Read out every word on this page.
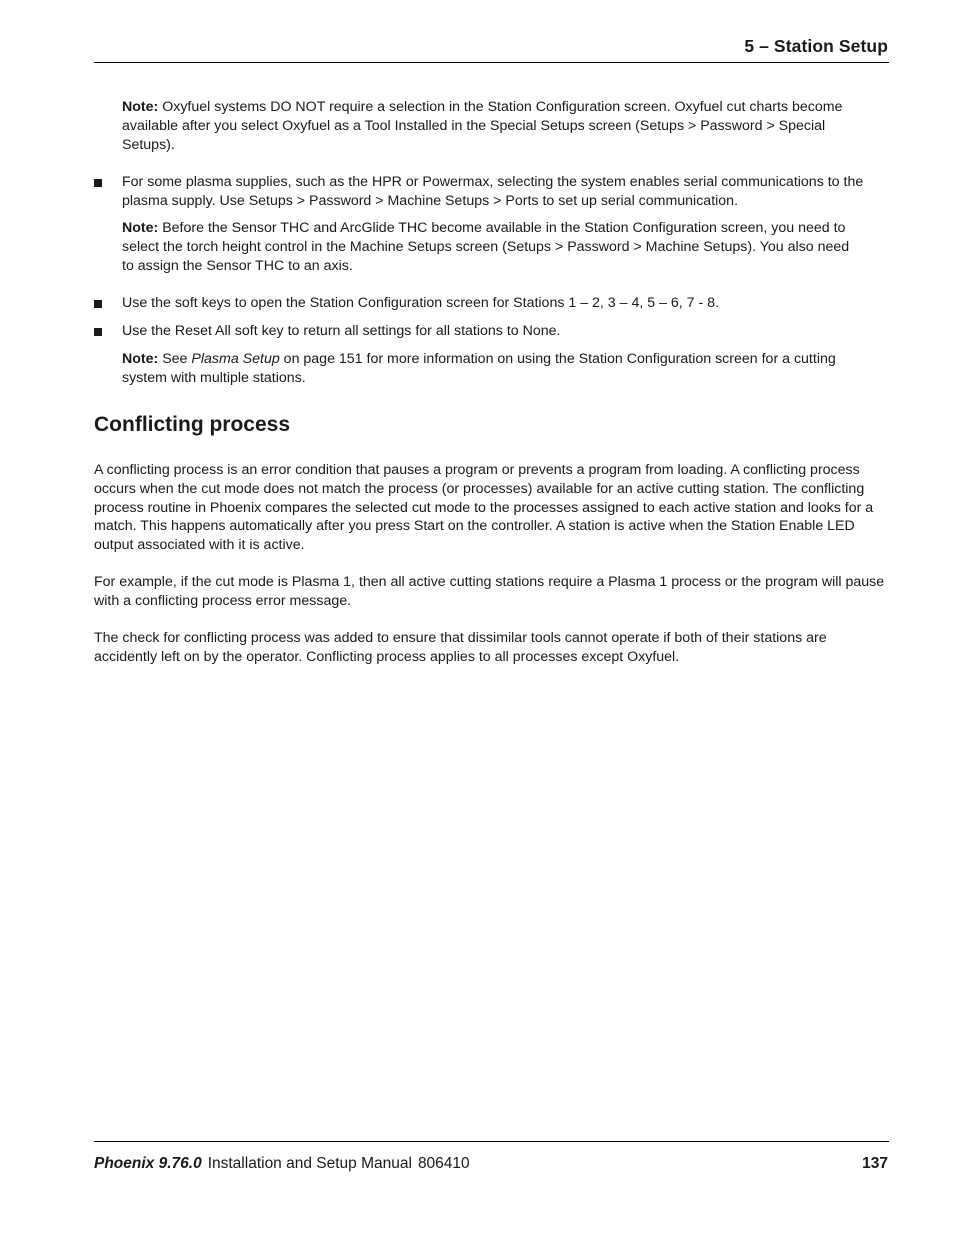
5 – Station Setup
Note: Oxyfuel systems DO NOT require a selection in the Station Configuration screen. Oxyfuel cut charts become available after you select Oxyfuel as a Tool Installed in the Special Setups screen (Setups > Password > Special Setups).
For some plasma supplies, such as the HPR or Powermax, selecting the system enables serial communications to the plasma supply. Use Setups > Password > Machine Setups > Ports to set up serial communication.
Note: Before the Sensor THC and ArcGlide THC become available in the Station Configuration screen, you need to select the torch height control in the Machine Setups screen (Setups > Password > Machine Setups). You also need to assign the Sensor THC to an axis.
Use the soft keys to open the Station Configuration screen for Stations 1 – 2, 3 – 4, 5 – 6, 7 - 8.
Use the Reset All soft key to return all settings for all stations to None.
Note: See Plasma Setup on page 151 for more information on using the Station Configuration screen for a cutting system with multiple stations.
Conflicting process
A conflicting process is an error condition that pauses a program or prevents a program from loading. A conflicting process occurs when the cut mode does not match the process (or processes) available for an active cutting station. The conflicting process routine in Phoenix compares the selected cut mode to the processes assigned to each active station and looks for a match. This happens automatically after you press Start on the controller. A station is active when the Station Enable LED output associated with it is active.
For example, if the cut mode is Plasma 1, then all active cutting stations require a Plasma 1 process or the program will pause with a conflicting process error message.
The check for conflicting process was added to ensure that dissimilar tools cannot operate if both of their stations are accidently left on by the operator. Conflicting process applies to all processes except Oxyfuel.
Phoenix 9.76.0 Installation and Setup Manual 806410	137
